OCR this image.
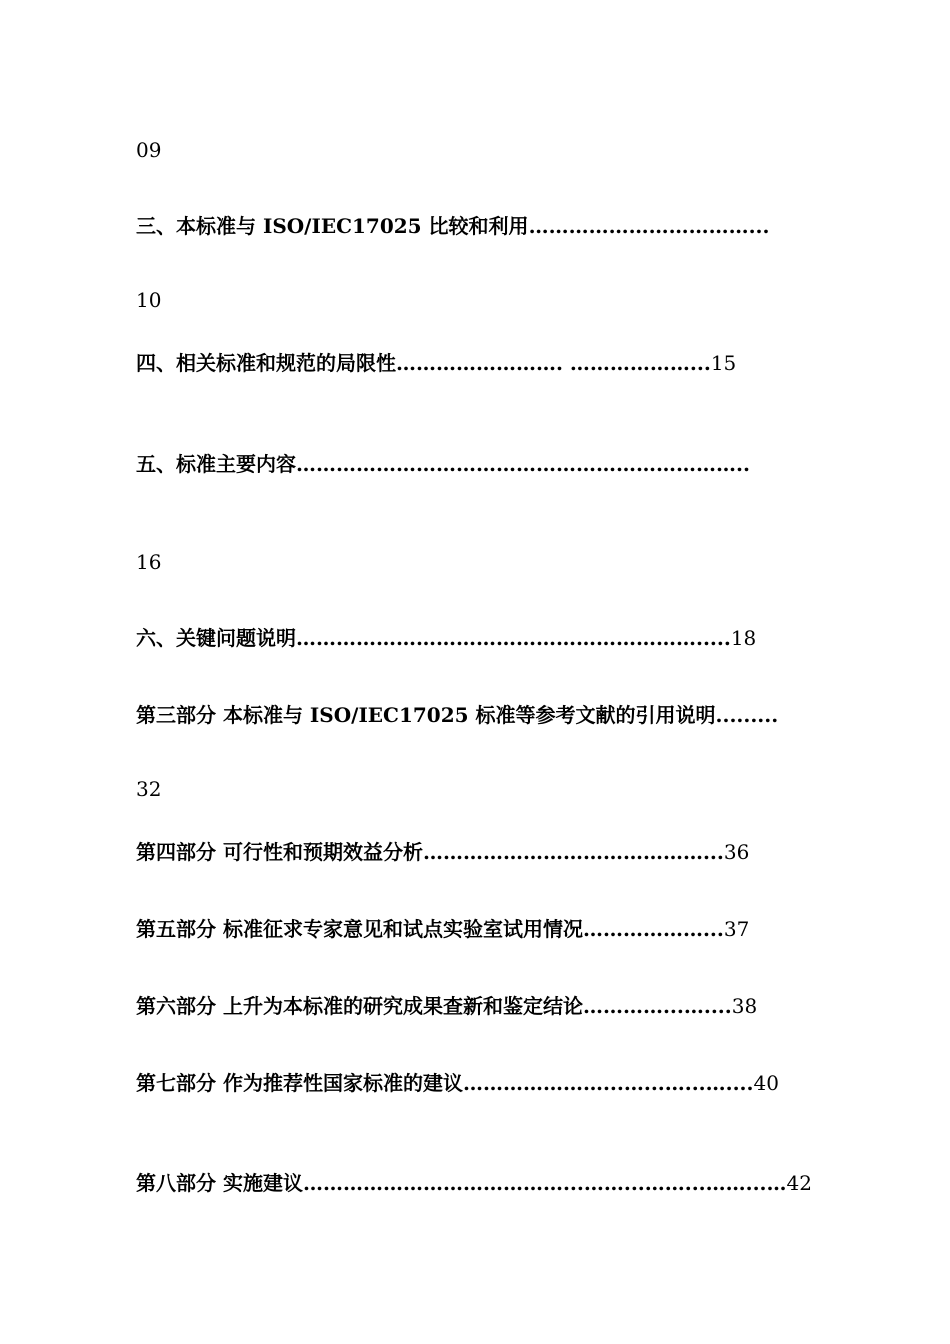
09
三、本标准与 ISO/IEC17025 比较和利用……………………………...
10
四、相关标准和规范的局限性……………………. ………………...15
五、标准主要内容…………………………………………………………..
16
六、关键问题说明…………………………………………………….....18
第三部分 本标准与 ISO/IEC17025 标准等参考文献的引用说明.........
32
第四部分 可行性和预期效益分析……………………………………...36
第五部分 标准征求专家意见和试点实验室试用情况………………...37
第六部分 上升为本标准的研究成果查新和鉴定结论…………...…....38
第七部分 作为推荐性国家标准的建议…………………...…...…...…....40
第八部分 实施建议…………………………………...……...……...……...…42
